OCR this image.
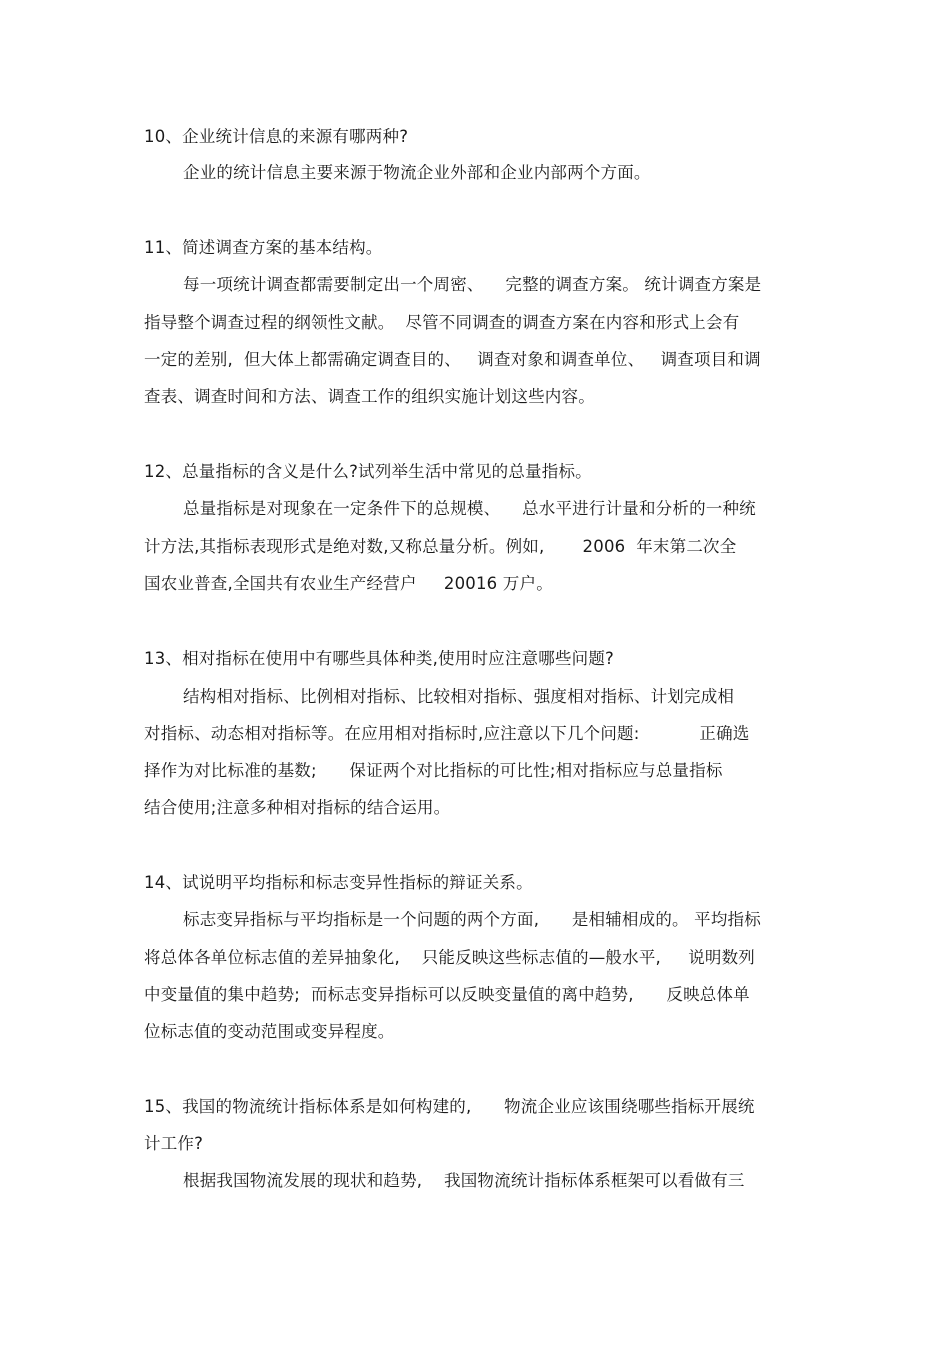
10、企业统计信息的来源有哪两种?
企业的统计信息主要来源于物流企业外部和企业内部两个方面。
11、简述调查方案的基本结构。
每一项统计调查都需要制定出一个周密、    完整的调查方案。 统计调查方案是
指导整个调查过程的纲领性文献。  尽管不同调查的调查方案在内容和形式上会有
一定的差别,  但大体上都需确定调查目的、   调查对象和调查单位、   调查项目和调
查表、调查时间和方法、调查工作的组织实施计划这些内容。
12、总量指标的含义是什么?试列举生活中常见的总量指标。
总量指标是对现象在一定条件下的总规模、    总水平进行计量和分析的一种统
计方法,其指标表现形式是绝对数,又称总量分析。例如,       2006  年末第二次全
国农业普查,全国共有农业生产经营户     20016 万户。
13、相对指标在使用中有哪些具体种类,使用时应注意哪些问题?
结构相对指标、比例相对指标、比较相对指标、强度相对指标、计划完成相
对指标、动态相对指标等。在应用相对指标时,应注意以下几个问题:           正确选
择作为对比标准的基数;      保证两个对比指标的可比性;相对指标应与总量指标
结合使用;注意多种相对指标的结合运用。
14、试说明平均指标和标志变异性指标的辩证关系。
标志变异指标与平均指标是一个问题的两个方面,      是相辅相成的。 平均指标
将总体各单位标志值的差异抽象化,    只能反映这些标志值的—般水平,     说明数列
中变量值的集中趋势;  而标志变异指标可以反映变量值的离中趋势,      反映总体单
位标志值的变动范围或变异程度。
15、我国的物流统计指标体系是如何构建的,      物流企业应该围绕哪些指标开展统
计工作?
根据我国物流发展的现状和趋势,    我国物流统计指标体系框架可以看做有三
